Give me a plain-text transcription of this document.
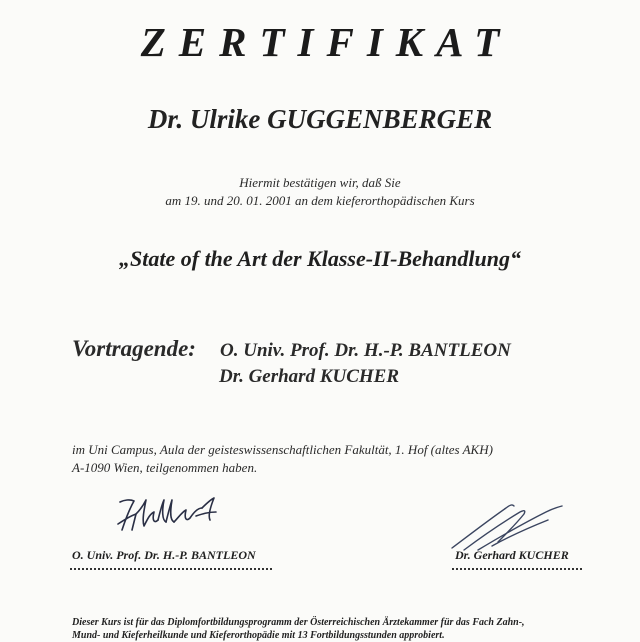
ZERTIFIKAT
Dr. Ulrike GUGGENBERGER
Hiermit bestätigen wir, daß Sie
am 19. und 20. 01. 2001 an dem kieferorthopädischen Kurs
„State of the Art der Klasse-II-Behandlung“
Vortragende: O. Univ. Prof. Dr. H.-P. BANTLEON
Dr. Gerhard KUCHER
im Uni Campus, Aula der geisteswissenschaftlichen Fakultät, 1. Hof (altes AKH)
A-1090 Wien, teilgenommen haben.
O. Univ. Prof. Dr. H.-P. BANTLEON	Dr. Gerhard KUCHER
Dieser Kurs ist für das Diplomfortbildungsprogramm der Österreichischen Ärztekammer für das Fach Zahn-,
Mund- und Kieferheilkunde und Kieferorthopädie mit 13 Fortbildungsstunden approbiert.
